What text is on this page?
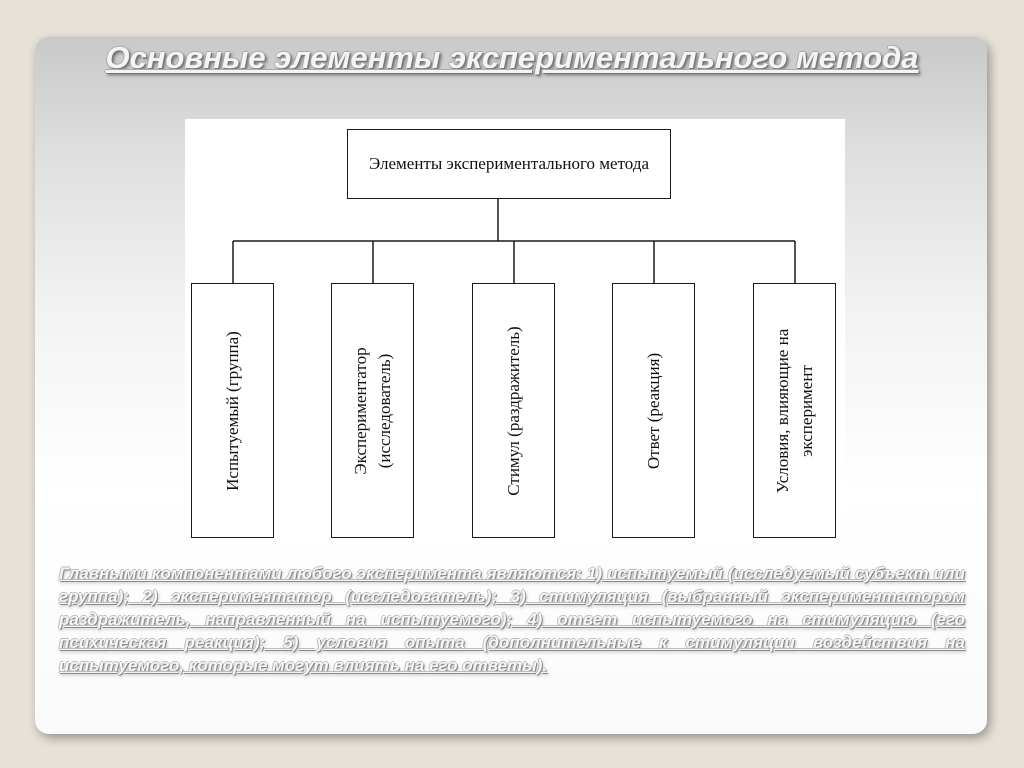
Основные элементы экспериментального метода
Элементы экспериментального метода
Испытуемый (группа)	Экспериментатор (исследователь)	Стимул (раздражитель)	Ответ (реакция)	Условия, влияющие на эксперимент
Главными компонентами любого эксперимента являются: 1) испытуемый (исследуемый субъект или группа); 2) экспериментатор (исследователь); 3) стимуляция (выбранный экспериментатором раздражитель, направленный на испытуемого); 4) ответ испытуемого на стимуляцию (его психическая реакция); 5) условия опыта (дополнительные к стимуляции воздействия на испытуемого, которые могут влиять на его ответы).
